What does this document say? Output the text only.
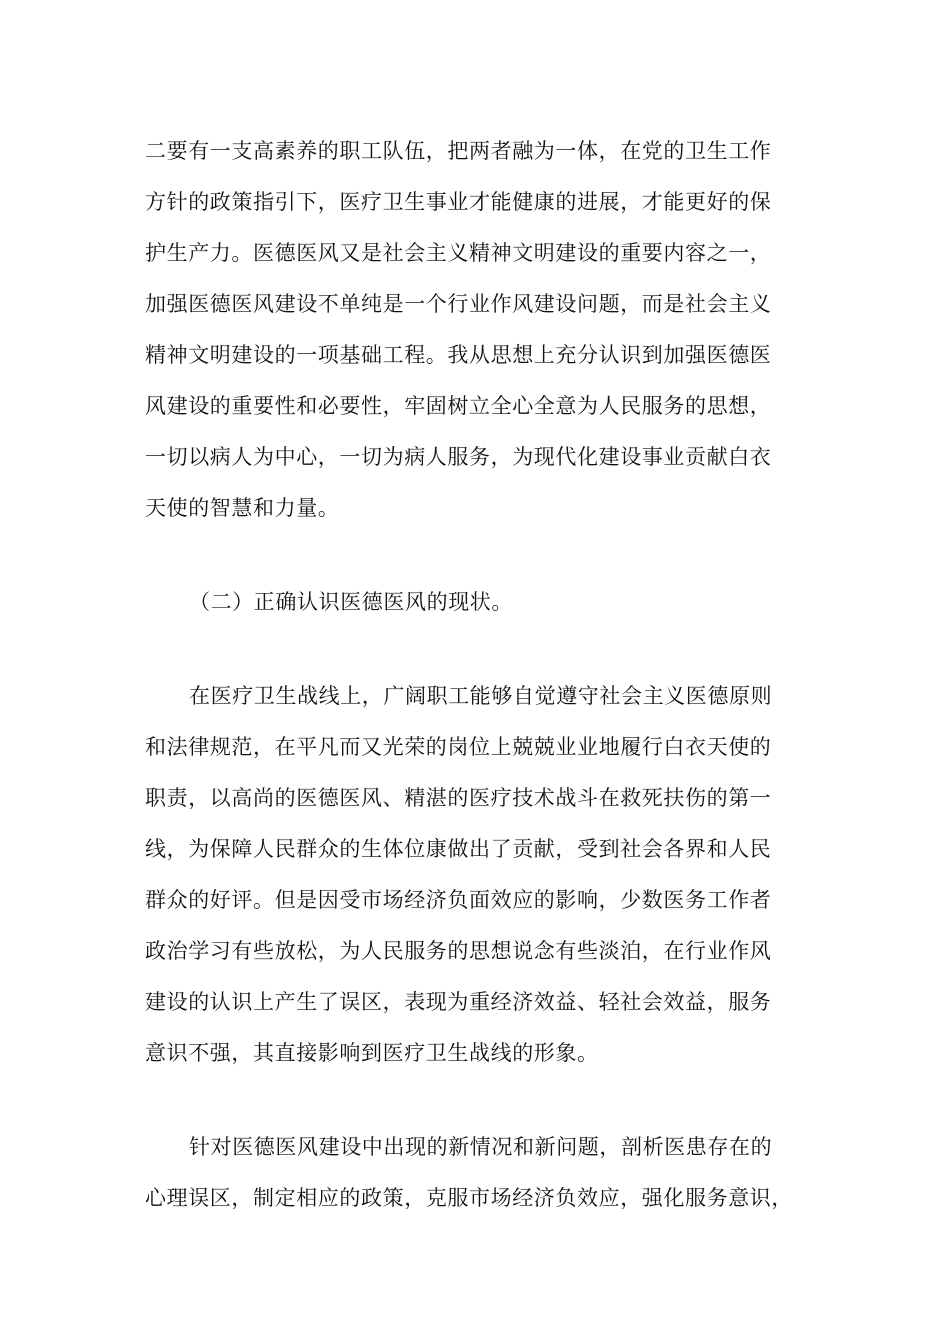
二要有一支高素养的职工队伍，把两者融为一体，在党的卫生工作
方针的政策指引下，医疗卫生事业才能健康的进展，才能更好的保
护生产力。医德医风又是社会主义精神文明建设的重要内容之一，
加强医德医风建设不单纯是一个行业作风建设问题，而是社会主义
精神文明建设的一项基础工程。我从思想上充分认识到加强医德医
风建设的重要性和必要性，牢固树立全心全意为人民服务的思想，
一切以病人为中心，一切为病人服务，为现代化建设事业贡献白衣
天使的智慧和力量。
（二）正确认识医德医风的现状。
在医疗卫生战线上，广阔职工能够自觉遵守社会主义医德原则
和法律规范，在平凡而又光荣的岗位上兢兢业业地履行白衣天使的
职责，以高尚的医德医风、精湛的医疗技术战斗在救死扶伤的第一
线，为保障人民群众的生体位康做出了贡献，受到社会各界和人民
群众的好评。但是因受市场经济负面效应的影响，少数医务工作者
政治学习有些放松，为人民服务的思想说念有些淡泊，在行业作风
建设的认识上产生了误区，表现为重经济效益、轻社会效益，服务
意识不强，其直接影响到医疗卫生战线的形象。
针对医德医风建设中出现的新情况和新问题，剖析医患存在的
心理误区，制定相应的政策，克服市场经济负效应，强化服务意识，
